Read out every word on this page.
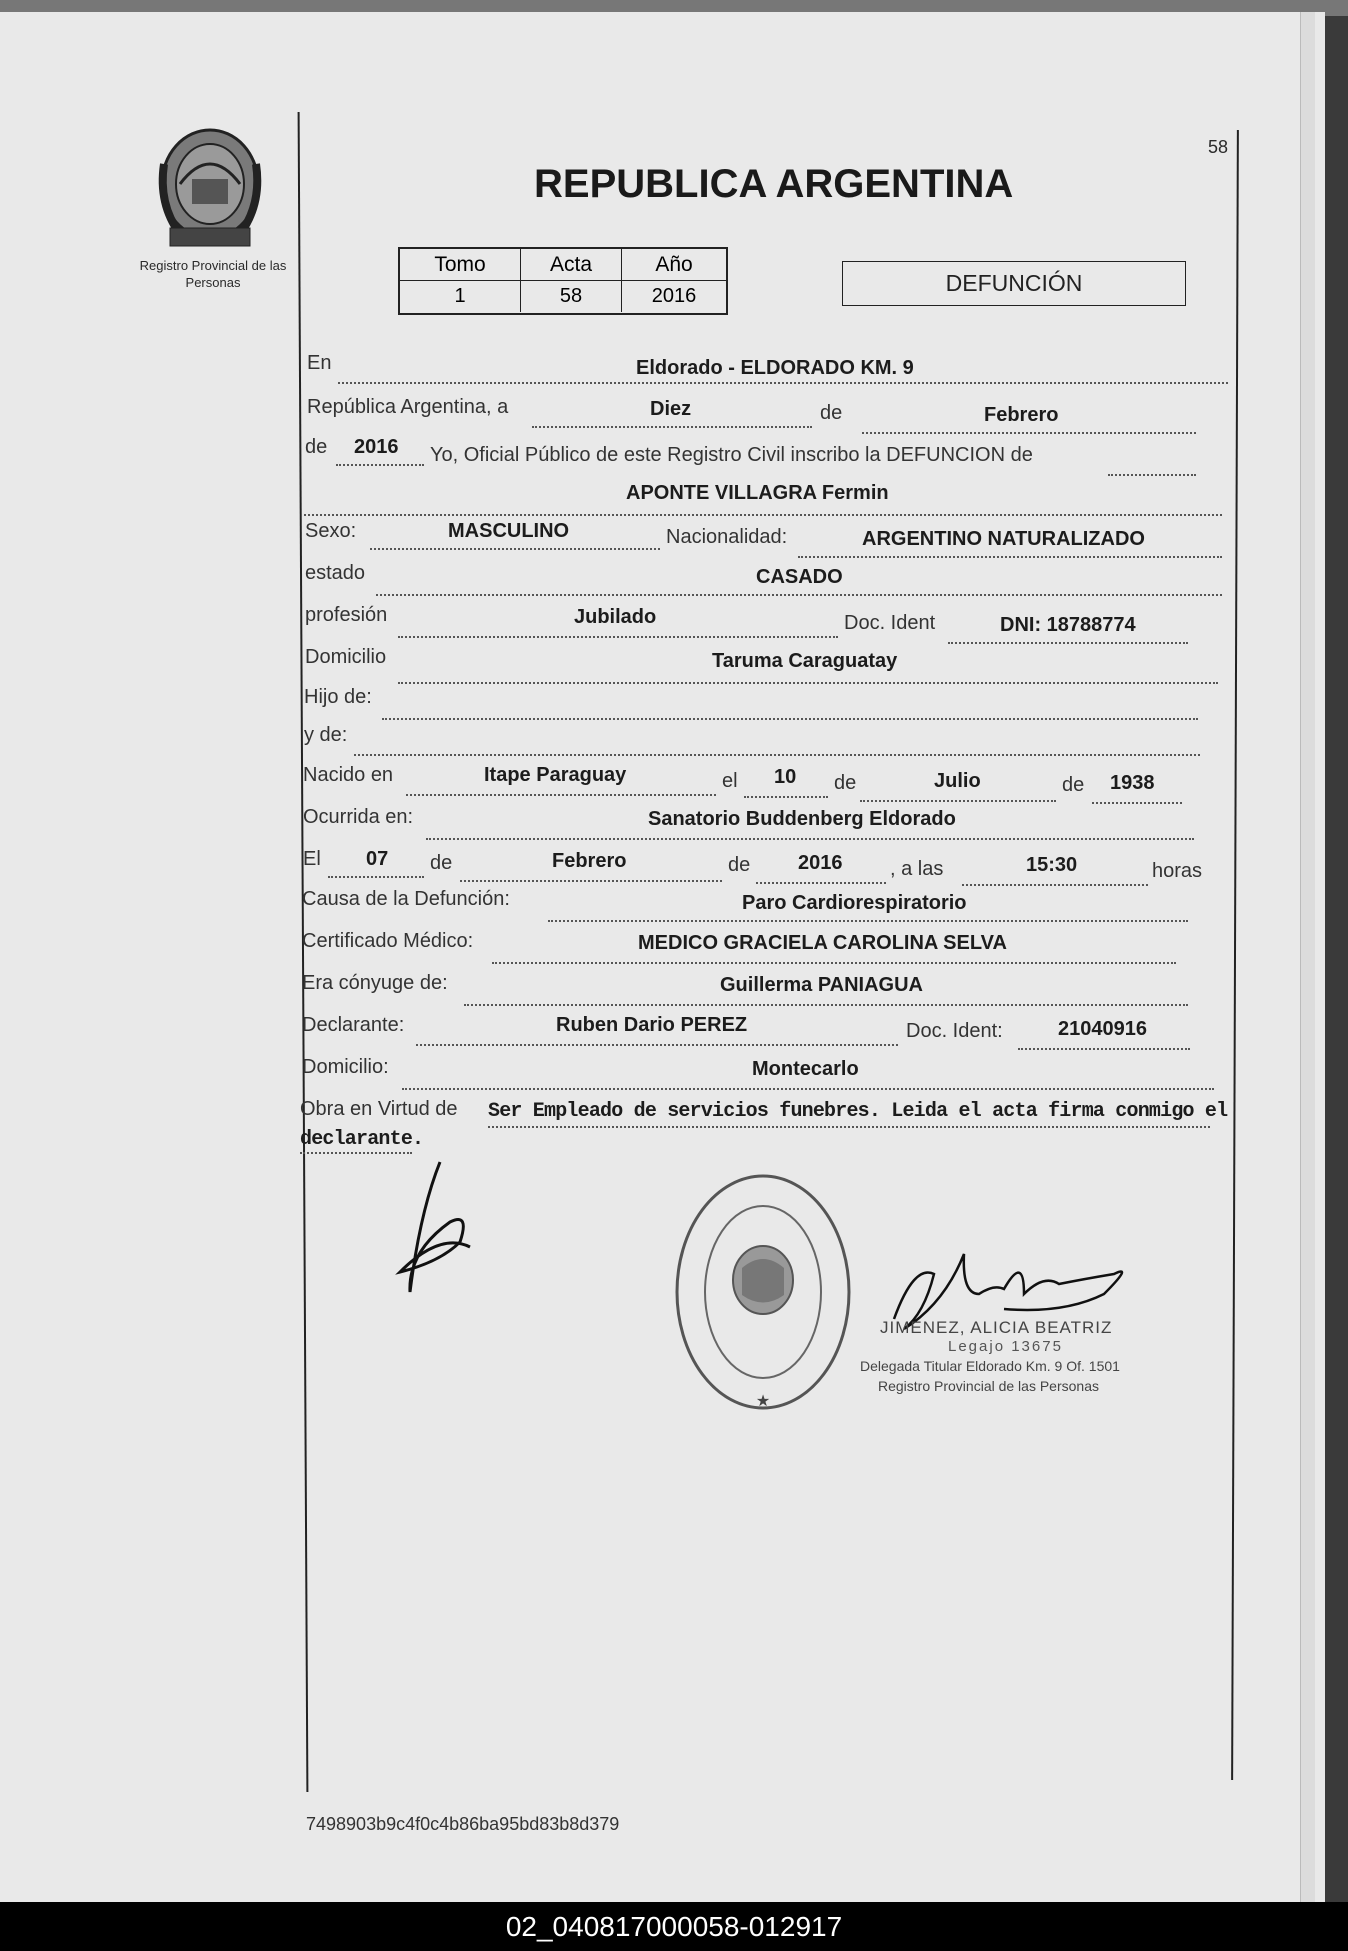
Registro Provincial de las Personas
58
REPUBLICA ARGENTINA
Tomo	Acta	Año
1	58	2016	DEFUNCIÓN
En	Eldorado - ELDORADO KM. 9
República Argentina, a	Diez	de	Febrero
de 2016 Yo, Oficial Público de este Registro Civil inscribo la DEFUNCION de
APONTE VILLAGRA Fermin
Sexo:	MASCULINO	Nacionalidad:	ARGENTINO NATURALIZADO
estado	CASADO
profesión	Jubilado	Doc. Ident	DNI: 18788774
Domicilio	Taruma Caraguatay
Hijo de:
y de:
Nacido en	Itape Paraguay	el 10 de	Julio	de 1938
Ocurrida en:	Sanatorio Buddenberg Eldorado
El 07 de	Febrero	de 2016 , a las	15:30	horas
Causa de la Defunción:	Paro Cardiorespiratorio
Certificado Médico:	MEDICO GRACIELA CAROLINA SELVA
Era cónyuge de:	Guillerma PANIAGUA
Declarante:	Ruben Dario PEREZ	Doc. Ident:	21040916
Domicilio:	Montecarlo
Obra en Virtud de Ser Empleado de servicios funebres. Leida el acta firma conmigo el
declarante.
★
JIMENEZ, ALICIA BEATRIZ
Legajo 13675
Delegada Titular Eldorado Km. 9 Of. 1501
Registro Provincial de las Personas
7498903b9c4f0c4b86ba95bd83b8d379
02_040817000058-012917
